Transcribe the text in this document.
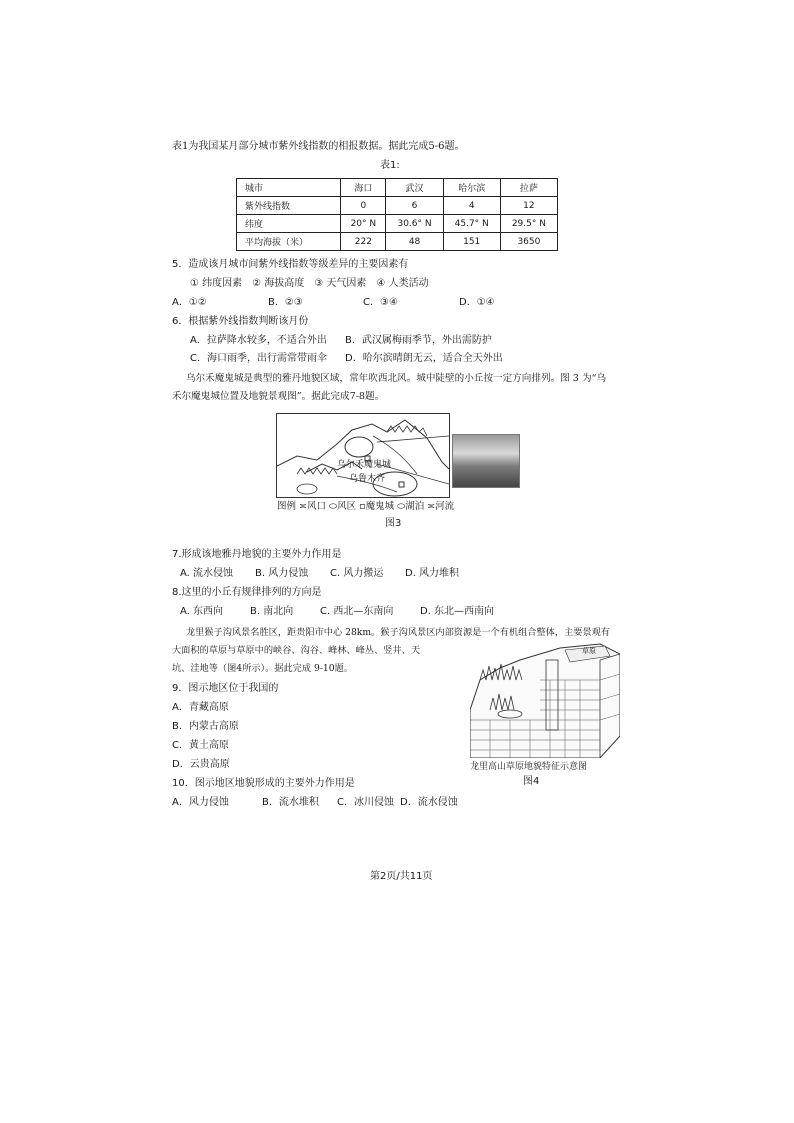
表1为我国某月部分城市紫外线指数的相报数据。据此完成5-6题。
表1:
城市	海口	武汉	哈尔滨	拉萨
紫外线指数	0	6	4	12
纬度	20° N	30.6° N	45.7° N	29.5° N
平均海拔（米）	222	48	151	3650
5．造成该月城市间紫外线指数等级差异的主要因素有
① 纬度因素　② 海拔高度　③ 天气因素　④ 人类活动
A．①②	B．②③	C．③④	D．①④
6．根据紫外线指数判断该月份
A．拉萨降水较多，不适合外出 B．武汉属梅雨季节，外出需防护
C．海口雨季，出行需常带雨伞 D．哈尔滨晴朗无云，适合全天外出
乌尔禾魔鬼城是典型的雅丹地貌区域，常年吹西北风。城中陡壁的小丘按一定方向排列。图 3 为“乌
禾尔魔鬼城位置及地貌景观图”。据此完成7-8题。
乌尔禾魔鬼城
乌鲁木齐
图例 ≍风口 ⬭风区 ▫魔鬼城 ⬭湖泊 ≍河流
图3
7.形成该地雅丹地貌的主要外力作用是
A. 流水侵蚀 B. 风力侵蚀 C. 风力搬运 D. 风力堆积
8.这里的小丘有规律排列的方向是
A. 东西向	B. 南北向	C. 西北—东南向	D. 东北—西南向
龙里猴子沟风景名胜区，距贵阳市中心 28km。猴子沟风景区内部资源是一个有机组合整体，主要景观有
大面积的草原与草原中的峡谷、沟谷、峰林、峰丛、竖井、天
坑、洼地等（图4所示）。据此完成 9-10题。
草原
龙里高山草原地貌特征示意图
图4
9．图示地区位于我国的
A．青藏高原
B．内蒙古高原
C．黄土高原
D．云贵高原
10．图示地区地貌形成的主要外力作用是
A．风力侵蚀	B．流水堆积 C．冰川侵蚀 D．流水侵蚀
第2页/共11页
